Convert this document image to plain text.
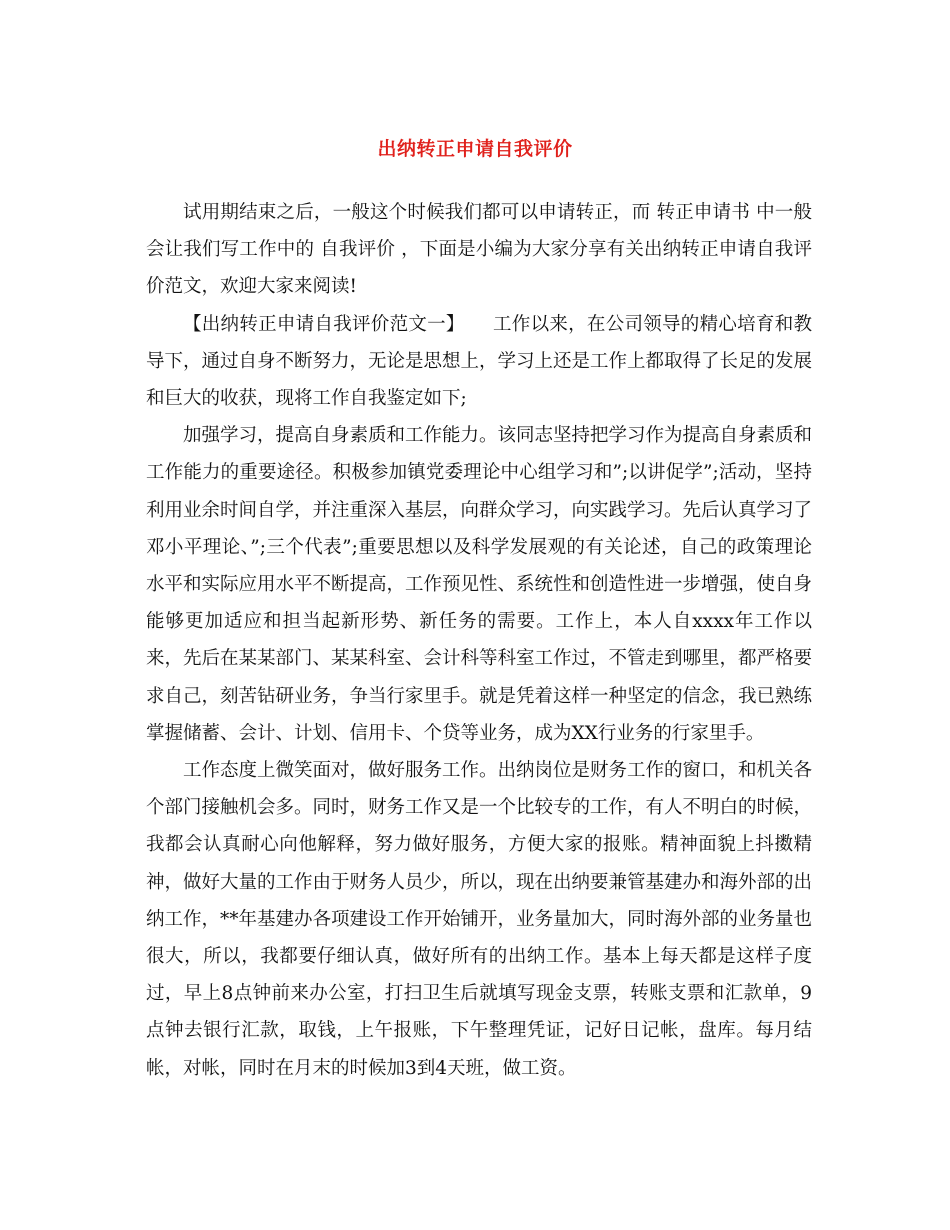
出纳转正申请自我评价

试用期结束之后，一般这个时候我们都可以申请转正，而 转正申请书 中一般会让我们写工作中的 自我评价 ，下面是小编为大家分享有关出纳转正申请自我评价范文，欢迎大家来阅读!

【出纳转正申请自我评价范文一】　　工作以来，在公司领导的精心培育和教导下，通过自身不断努力，无论是思想上，学习上还是工作上都取得了长足的发展和巨大的收获，现将工作自我鉴定如下;

加强学习，提高自身素质和工作能力。该同志坚持把学习作为提高自身素质和工作能力的重要途径。积极参加镇党委理论中心组学习和”;以讲促学”;活动，坚持利用业余时间自学，并注重深入基层，向群众学习，向实践学习。先后认真学习了邓小平理论、”;三个代表”;重要思想以及科学发展观的有关论述，自己的政策理论水平和实际应用水平不断提高，工作预见性、系统性和创造性进一步增强，使自身能够更加适应和担当起新形势、新任务的需要。工作上，本人自xxxx年工作以来，先后在某某部门、某某科室、会计科等科室工作过，不管走到哪里，都严格要求自己，刻苦钻研业务，争当行家里手。就是凭着这样一种坚定的信念，我已熟练掌握储蓄、会计、计划、信用卡、个贷等业务，成为XX行业务的行家里手。

工作态度上微笑面对，做好服务工作。出纳岗位是财务工作的窗口，和机关各个部门接触机会多。同时，财务工作又是一个比较专的工作，有人不明白的时候，我都会认真耐心向他解释，努力做好服务，方便大家的报账。精神面貌上抖擞精神，做好大量的工作由于财务人员少，所以，现在出纳要兼管基建办和海外部的出纳工作，**年基建办各项建设工作开始铺开，业务量加大，同时海外部的业务量也很大，所以，我都要仔细认真，做好所有的出纳工作。基本上每天都是这样子度过，早上8点钟前来办公室，打扫卫生后就填写现金支票，转账支票和汇款单，9点钟去银行汇款，取钱，上午报账，下午整理凭证，记好日记帐，盘库。每月结帐，对帐，同时在月末的时候加3到4天班，做工资。
